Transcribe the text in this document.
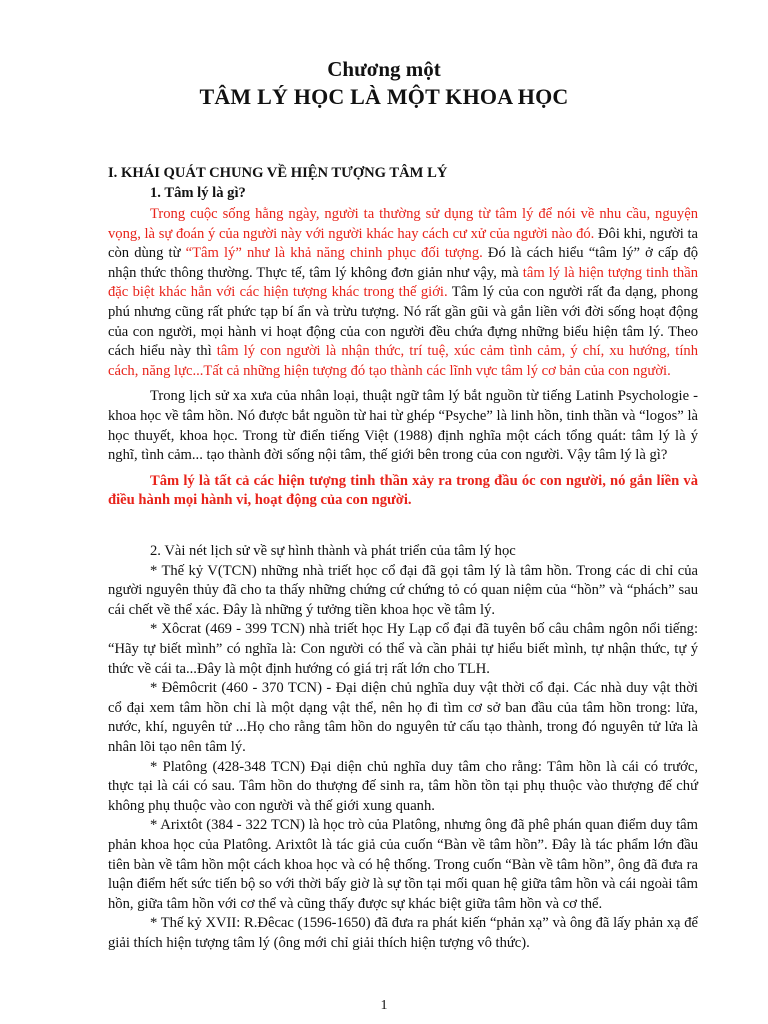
Chương một
TÂM LÝ HỌC LÀ MỘT KHOA HỌC
I. KHÁI QUÁT CHUNG VỀ HIỆN TƯỢNG TÂM LÝ
1. Tâm lý là gì?

Trong cuộc sống hằng ngày, người ta thường sử dụng từ tâm lý để nói về nhu cầu, nguyện vọng, là sự đoán ý của người này với người khác hay cách cư xử của người nào đó. Đôi khi, người ta còn dùng từ “Tâm lý” như là khả năng chinh phục đối tượng. Đó là cách hiểu “tâm lý” ở cấp độ nhận thức thông thường. Thực tế, tâm lý không đơn giản như vậy, mà tâm lý là hiện tượng tinh thần đặc biệt khác hẳn với các hiện tượng khác trong thế giới. Tâm lý của con người rất đa dạng, phong phú nhưng cũng rất phức tạp bí ẩn và trừu tượng. Nó rất gần gũi và gắn liền với đời sống hoạt động của con người, mọi hành vi hoạt động của con người đều chứa đựng những biểu hiện tâm lý. Theo cách hiểu này thì tâm lý con người là nhận thức, trí tuệ, xúc cảm tình cảm, ý chí, xu hướng, tính cách, năng lực...Tất cả những hiện tượng đó tạo thành các lĩnh vực tâm lý cơ bản của con người.

Trong lịch sử xa xưa của nhân loại, thuật ngữ tâm lý bắt nguồn từ tiếng Latinh Psychologie - khoa học về tâm hồn. Nó được bắt nguồn từ hai từ ghép “Psyche” là linh hồn, tinh thần và “logos” là học thuyết, khoa học. Trong từ điển tiếng Việt (1988) định nghĩa một cách tổng quát: tâm lý là ý nghĩ, tình cảm... tạo thành đời sống nội tâm, thế giới bên trong của con người. Vậy tâm lý là gì?

Tâm lý là tất cả các hiện tượng tinh thần xảy ra trong đầu óc con người, nó gắn liền và điều hành mọi hành vi, hoạt động của con người.

2. Vài nét lịch sử về sự hình thành và phát triển của tâm lý học

* Thế kỷ V(TCN) những nhà triết học cổ đại đã gọi tâm lý là tâm hồn. Trong các di chỉ của người nguyên thủy đã cho ta thấy những chứng cứ chứng tỏ có quan niệm của “hồn” và “phách” sau cái chết về thể xác. Đây là những ý tưởng tiền khoa học về tâm lý.

* Xôcrat (469 - 399 TCN) nhà triết học Hy Lạp cổ đại đã tuyên bố câu châm ngôn nổi tiếng: “Hãy tự biết mình” có nghĩa là: Con người có thể và cần phải tự hiểu biết mình, tự nhận thức, tự ý thức về cái ta...Đây là một định hướng có giá trị rất lớn cho TLH.

* Đêmôcrit (460 - 370 TCN) - Đại diện chủ nghĩa duy vật thời cổ đại. Các nhà duy vật thời cổ đại xem tâm hồn chỉ là một dạng vật thể, nên họ đi tìm cơ sở ban đầu của tâm hồn trong: lửa, nước, khí, nguyên tử ...Họ cho rằng tâm hồn do nguyên tử cấu tạo thành, trong đó nguyên tử lửa là nhân lõi tạo nên tâm lý.

* Platông (428-348 TCN) Đại diện chủ nghĩa duy tâm cho rằng: Tâm hồn là cái có trước, thực tại là cái có sau. Tâm hồn do thượng đế sinh ra, tâm hồn tồn tại phụ thuộc vào thượng đế chứ không phụ thuộc vào con người và thế giới xung quanh.

* Arixtôt (384 - 322 TCN) là học trò của Platông, nhưng ông đã phê phán quan điểm duy tâm phản khoa học của Platông. Arixtôt là tác giả của cuốn “Bàn về tâm hồn”. Đây là tác phẩm lớn đầu tiên bàn về tâm hồn một cách khoa học và có hệ thống. Trong cuốn “Bàn về tâm hồn”, ông đã đưa ra luận điểm hết sức tiến bộ so với thời bấy giờ là sự tồn tại mối quan hệ giữa tâm hồn và cái ngoài tâm hồn, giữa tâm hồn với cơ thể và cũng thấy được sự khác biệt giữa tâm hồn và cơ thể.

* Thế kỷ XVII: R.Đêcac (1596-1650) đã đưa ra phát kiến “phản xạ” và ông đã lấy phản xạ để giải thích hiện tượng tâm lý (ông mới chỉ giải thích hiện tượng vô thức).

1
